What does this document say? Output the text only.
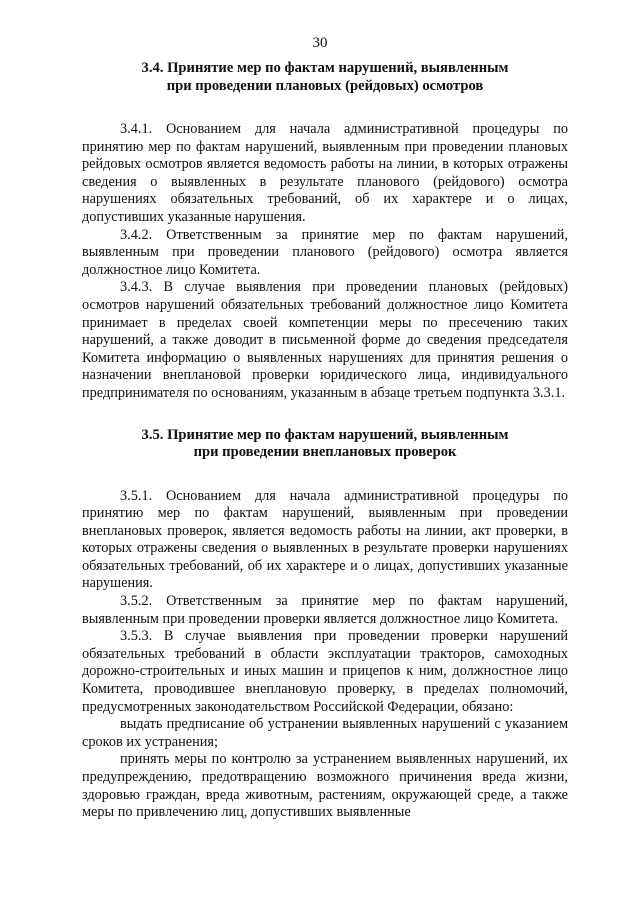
30
3.4. Принятие мер по фактам нарушений, выявленным
при проведении плановых (рейдовых) осмотров

3.4.1. Основанием для начала административной процедуры по принятию мер по фактам нарушений, выявленным при проведении плановых рейдовых осмотров является ведомость работы на линии, в которых отражены сведения о выявленных в результате планового (рейдового) осмотра нарушениях обязательных требований, об их характере и о лицах, допустивших указанные нарушения.

3.4.2. Ответственным за принятие мер по фактам нарушений, выявленным при проведении планового (рейдового) осмотра является должностное лицо Комитета.

3.4.3. В случае выявления при проведении плановых (рейдовых) осмотров нарушений обязательных требований должностное лицо Комитета принимает в пределах своей компетенции меры по пресечению таких нарушений, а также доводит в письменной форме до сведения председателя Комитета информацию о выявленных нарушениях для принятия решения о назначении внеплановой проверки юридического лица, индивидуального предпринимателя по основаниям, указанным в абзаце третьем подпункта 3.3.1.

3.5. Принятие мер по фактам нарушений, выявленным
при проведении внеплановых проверок

3.5.1. Основанием для начала административной процедуры по принятию мер по фактам нарушений, выявленным при проведении внеплановых проверок, является ведомость работы на линии, акт проверки, в которых отражены сведения о выявленных в результате проверки нарушениях обязательных требований, об их характере и о лицах, допустивших указанные нарушения.

3.5.2. Ответственным за принятие мер по фактам нарушений, выявленным при проведении проверки является должностное лицо Комитета.

3.5.3. В случае выявления при проведении проверки нарушений обязательных требований в области эксплуатации тракторов, самоходных дорожно-строительных и иных машин и прицепов к ним, должностное лицо Комитета, проводившее внеплановую проверку, в пределах полномочий, предусмотренных законодательством Российской Федерации, обязано:

выдать предписание об устранении выявленных нарушений с указанием сроков их устранения;

принять меры по контролю за устранением выявленных нарушений, их предупреждению, предотвращению возможного причинения вреда жизни, здоровью граждан, вреда животным, растениям, окружающей среде, а также меры по привлечению лиц, допустивших выявленные
